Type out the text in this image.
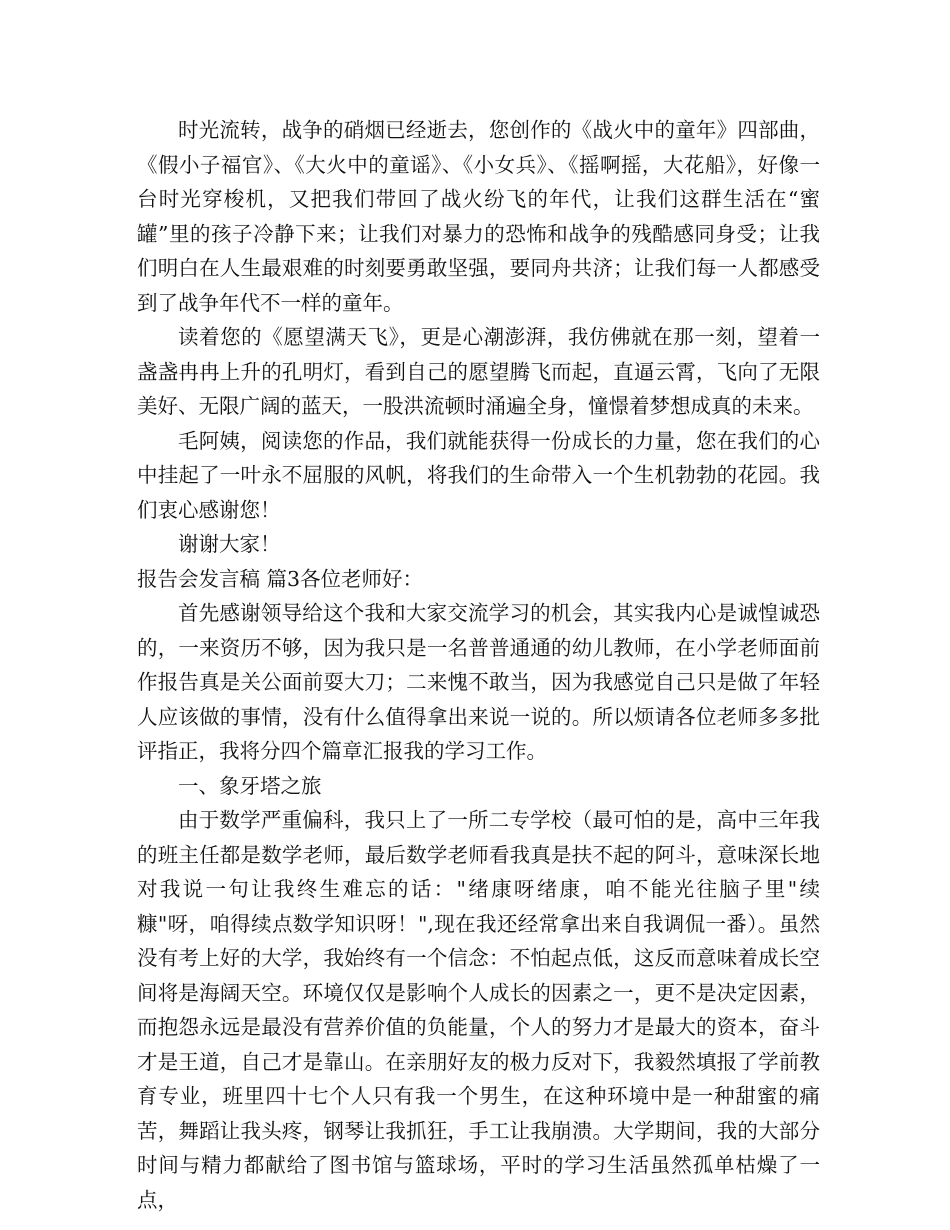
时光流转，战争的硝烟已经逝去，您创作的《战火中的童年》四部曲，《假小子福官》、《大火中的童谣》、《小女兵》、《摇啊摇，大花船》，好像一台时光穿梭机，又把我们带回了战火纷飞的年代，让我们这群生活在“蜜罐”里的孩子冷静下来；让我们对暴力的恐怖和战争的残酷感同身受；让我们明白在人生最艰难的时刻要勇敢坚强，要同舟共济；让我们每一人都感受到了战争年代不一样的童年。

读着您的《愿望满天飞》，更是心潮澎湃，我仿佛就在那一刻，望着一盏盏冉冉上升的孔明灯，看到自己的愿望腾飞而起，直逼云霄，飞向了无限美好、无限广阔的蓝天，一股洪流顿时涌遍全身，憧憬着梦想成真的未来。

毛阿姨，阅读您的作品，我们就能获得一份成长的力量，您在我们的心中挂起了一叶永不屈服的风帆，将我们的生命带入一个生机勃勃的花园。我们衷心感谢您！

谢谢大家！

报告会发言稿 篇3各位老师好：

首先感谢领导给这个我和大家交流学习的机会，其实我内心是诚惶诚恐的，一来资历不够，因为我只是一名普普通通的幼儿教师，在小学老师面前作报告真是关公面前耍大刀；二来愧不敢当，因为我感觉自己只是做了年轻人应该做的事情，没有什么值得拿出来说一说的。所以烦请各位老师多多批评指正，我将分四个篇章汇报我的学习工作。

一、象牙塔之旅

由于数学严重偏科，我只上了一所二专学校（最可怕的是，高中三年我的班主任都是数学老师，最后数学老师看我真是扶不起的阿斗，意味深长地对我说一句让我终生难忘的话："绪康呀绪康，咱不能光往脑子里"续糠"呀，咱得续点数学知识呀！",现在我还经常拿出来自我调侃一番）。虽然没有考上好的大学，我始终有一个信念：不怕起点低，这反而意味着成长空间将是海阔天空。环境仅仅是影响个人成长的因素之一，更不是决定因素，而抱怨永远是最没有营养价值的负能量，个人的努力才是最大的资本，奋斗才是王道，自己才是靠山。在亲朋好友的极力反对下，我毅然填报了学前教育专业，班里四十七个人只有我一个男生，在这种环境中是一种甜蜜的痛苦，舞蹈让我头疼，钢琴让我抓狂，手工让我崩溃。大学期间，我的大部分时间与精力都献给了图书馆与篮球场，平时的学习生活虽然孤单枯燥了一点，
